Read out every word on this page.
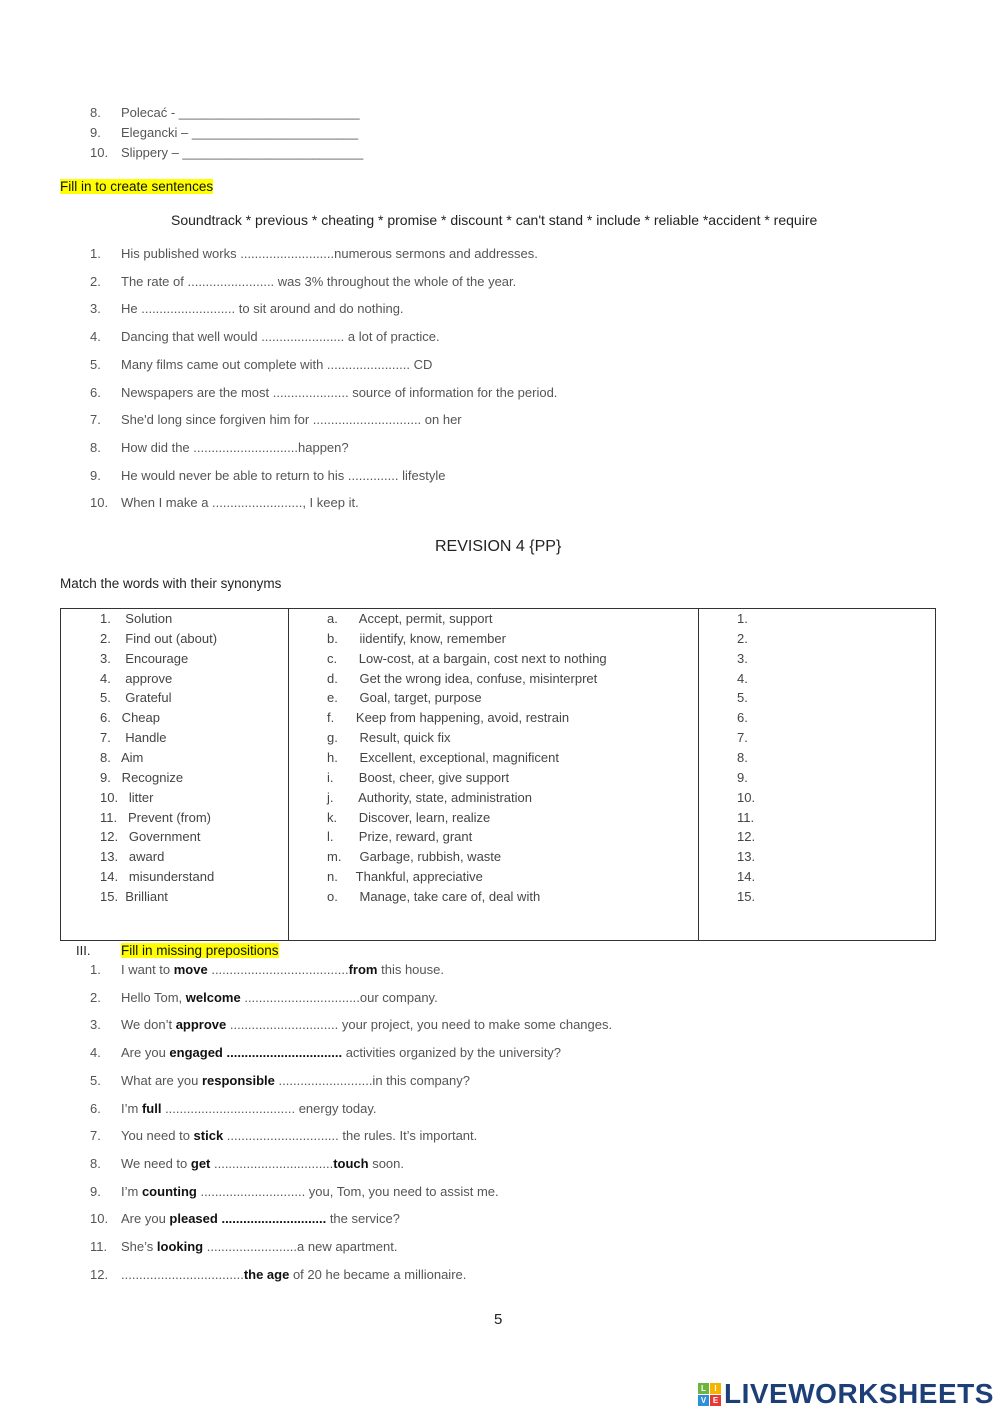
Fill in to create sentences
Soundtrack * previous * cheating * promise * discount * can't stand * include * reliable *accident * require
REVISION 4 {PP}
Match the words with their synonyms
1.    Solution	a.      Accept, permit, support	1.
2.    Find out (about)	b.      iidentify, know, remember	2.
3.    Encourage	c.      Low-cost, at a bargain, cost next to nothing	3.
4.    approve	d.      Get the wrong idea, confuse, misinterpret	4.
5.    Grateful	e.      Goal, target, purpose	5.
6.   Cheap	f.      Keep from happening, avoid, restrain	6.
7.    Handle	g.      Result, quick fix	7.
8.   Aim	h.      Excellent, exceptional, magnificent	8.
9.   Recognize	i.       Boost, cheer, give support	9.
10.   litter	j.       Authority, state, administration	10.
11.   Prevent (from)	k.      Discover, learn, realize	11.
12.   Government	l.       Prize, reward, grant	12.
13.   award	m.     Garbage, rubbish, waste	13.
14.   misunderstand	n.     Thankful, appreciative	14.
15.  Brilliant	o.      Manage, take care of, deal with	15.
III. Fill in missing prepositions
5
L	I
V E LIVEWORKSHEETS
8. Polecać - _________________________
9. Elegancki – _______________________
10. Slippery – _________________________
1. His published works ..........................numerous sermons and addresses.
2. The rate of ........................ was 3% throughout the whole of the year.
3. He .......................... to sit around and do nothing.
4. Dancing that well would ....................... a lot of practice.
5. Many films came out complete with ....................... CD
6. Newspapers are the most ..................... source of information for the period.
7. She'd long since forgiven him for .............................. on her
8. How did the .............................happen?
9. He would never be able to return to his .............. lifestyle
10. When I make a ........................., I keep it.
1. I want to move ......................................from this house.
2. Hello Tom, welcome ................................our company.
3. We don’t approve .............................. your project, you need to make some changes.
4. Are you engaged ................................ activities organized by the university?
5. What are you responsible ..........................in this company?
6. I’m full .................................... energy today.
7. You need to stick ............................... the rules. It’s important.
8. We need to get .................................touch soon.
9. I’m counting ............................. you, Tom, you need to assist me.
10. Are you pleased ............................. the service?
11. She’s looking .........................a new apartment.
12. ..................................the age of 20 he became a millionaire.
